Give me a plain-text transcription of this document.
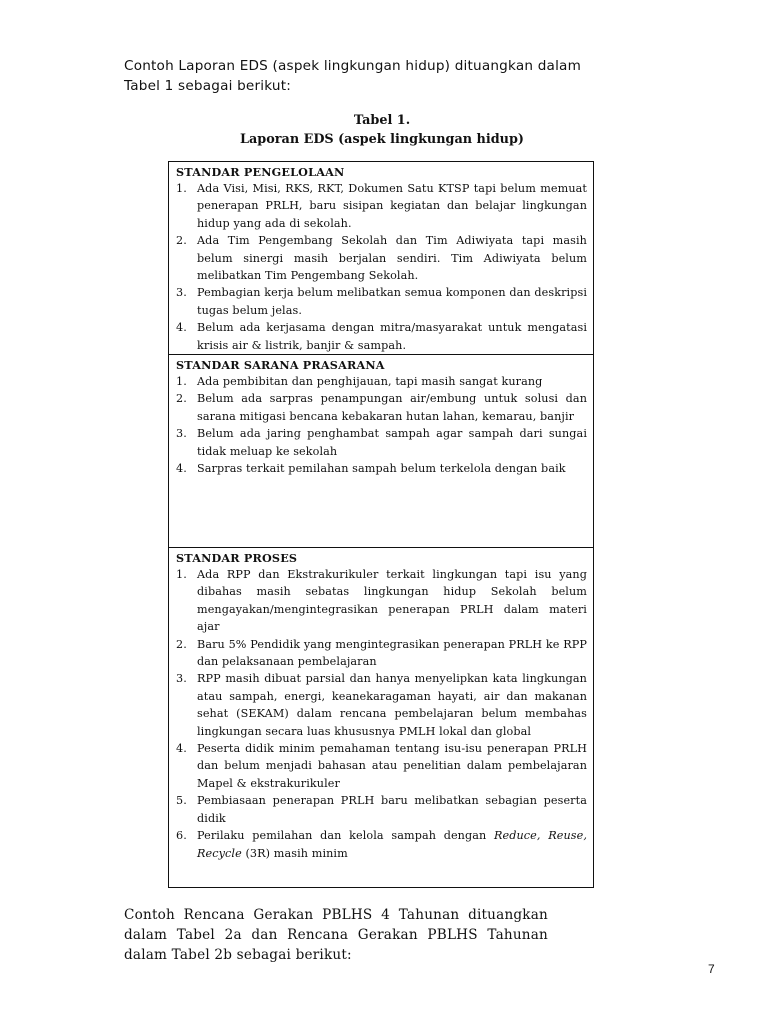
Contoh Laporan EDS (aspek lingkungan hidup) dituangkan dalam Tabel 1 sebagai berikut:
Tabel 1.
Laporan EDS (aspek lingkungan hidup)
STANDAR PENGELOLAAN
1. Ada Visi, Misi, RKS, RKT, Dokumen Satu KTSP tapi belum memuat penerapan PRLH, baru sisipan kegiatan dan belajar lingkungan hidup yang ada di sekolah.
2. Ada Tim Pengembang Sekolah dan Tim Adiwiyata tapi masih belum sinergi masih berjalan sendiri. Tim Adiwiyata belum melibatkan Tim Pengembang Sekolah.
3. Pembagian kerja belum melibatkan semua komponen dan deskripsi tugas belum jelas.
4. Belum ada kerjasama dengan mitra/masyarakat untuk mengatasi krisis air & listrik, banjir & sampah.
STANDAR SARANA PRASARANA
1. Ada pembibitan dan penghijauan, tapi masih sangat kurang
2. Belum ada sarpras penampungan air/embung untuk solusi dan sarana mitigasi bencana kebakaran hutan lahan, kemarau, banjir
3. Belum ada jaring penghambat sampah agar sampah dari sungai tidak meluap ke sekolah
4. Sarpras terkait pemilahan sampah belum terkelola dengan baik
STANDAR PROSES
1. Ada RPP dan Ekstrakurikuler terkait lingkungan tapi isu yang dibahas masih sebatas lingkungan hidup Sekolah belum mengayakan/mengintegrasikan penerapan PRLH dalam materi ajar
2. Baru 5% Pendidik yang mengintegrasikan penerapan PRLH ke RPP dan pelaksanaan pembelajaran
3. RPP masih dibuat parsial dan hanya menyelipkan kata lingkungan atau sampah, energi, keanekaragaman hayati, air dan makanan sehat (SEKAM) dalam rencana pembelajaran belum membahas lingkungan secara luas khususnya PMLH lokal dan global
4. Peserta didik minim pemahaman tentang isu-isu penerapan PRLH dan belum menjadi bahasan atau penelitian dalam pembelajaran Mapel & ekstrakurikuler
5. Pembiasaan penerapan PRLH baru melibatkan sebagian peserta didik
6. Perilaku pemilahan dan kelola sampah dengan Reduce, Reuse, Recycle (3R) masih minim
Contoh Rencana Gerakan PBLHS 4 Tahunan dituangkan dalam Tabel 2a dan Rencana Gerakan PBLHS Tahunan dalam Tabel 2b sebagai berikut:
7
